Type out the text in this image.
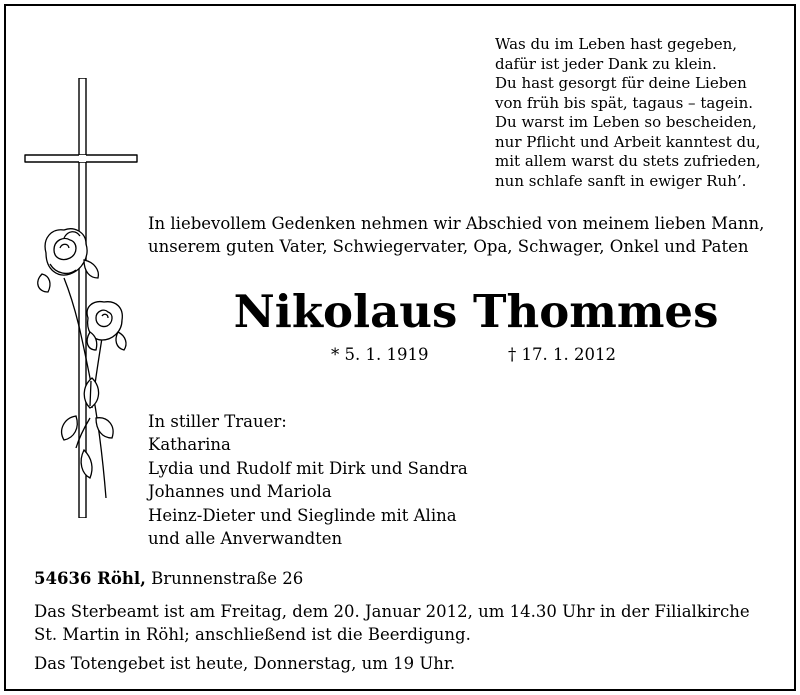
Was du im Leben hast gegeben,
dafür ist jeder Dank zu klein.
Du hast gesorgt für deine Lieben
von früh bis spät, tagaus – tagein.
Du warst im Leben so bescheiden,
nur Pflicht und Arbeit kanntest du,
mit allem warst du stets zufrieden,
nun schlafe sanft in ewiger Ruh’.
In liebevollem Gedenken nehmen wir Abschied von meinem lieben Mann,
unserem guten Vater, Schwiegervater, Opa, Schwager, Onkel und Paten
Nikolaus Thommes
* 5. 1. 1919	† 17. 1. 2012
In stiller Trauer:
Katharina
Lydia und Rudolf mit Dirk und Sandra
Johannes und Mariola
Heinz-Dieter und Sieglinde mit Alina
und alle Anverwandten
54636 Röhl, Brunnenstraße 26
Das Sterbeamt ist am Freitag, dem 20. Januar 2012, um 14.30 Uhr in der Filialkirche
St. Martin in Röhl; anschließend ist die Beerdigung.
Das Totengebet ist heute, Donnerstag, um 19 Uhr.
